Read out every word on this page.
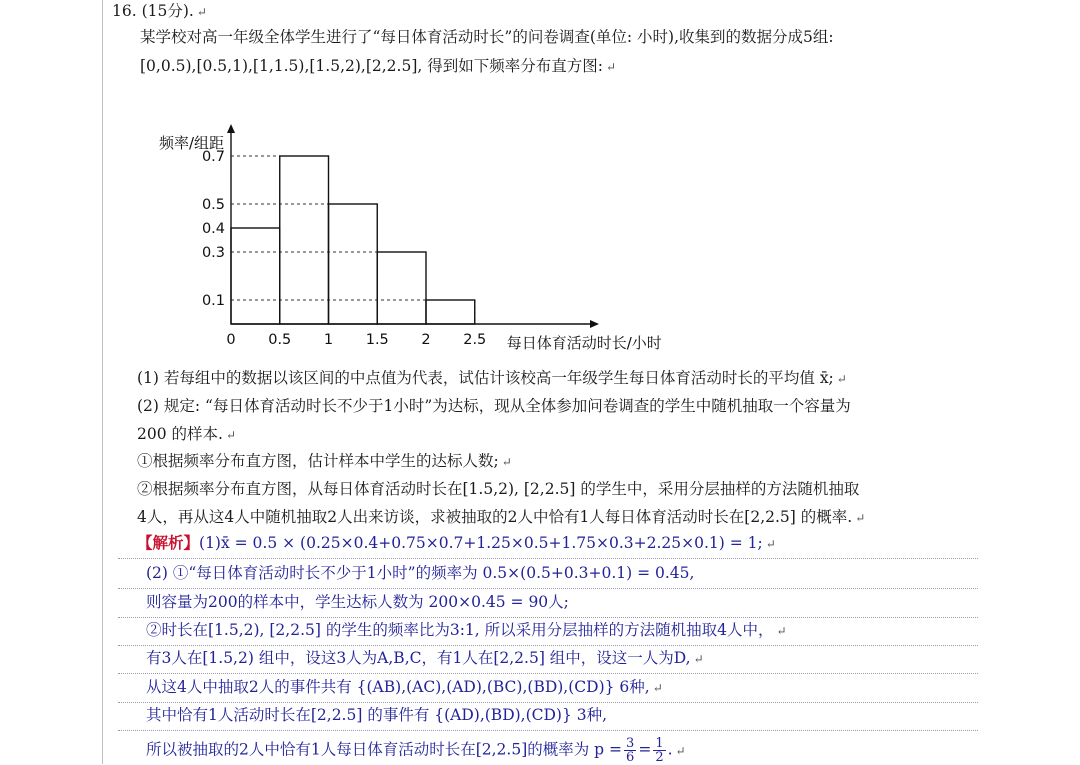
16. (15分). ↵
某学校对高一年级全体学生进行了“每日体育活动时长”的问卷调查(单位: 小时),收集到的数据分成5组:
[0,0.5),[0.5,1),[1,1.5),[1.5,2),[2,2.5], 得到如下频率分布直方图: ↵
频率/组距
每日体育活动时长/小时
0.1
0.3
0.4
0.5
0.7
0 0.5 1 1.5 2 2.5
(1) 若每组中的数据以该区间的中点值为代表，试估计该校高一年级学生每日体育活动时长的平均值 x̄; ↵
(2) 规定: “每日体育活动时长不少于1小时”为达标，现从全体参加问卷调查的学生中随机抽取一个容量为
200 的样本. ↵
①根据频率分布直方图，估计样本中学生的达标人数; ↵
②根据频率分布直方图，从每日体育活动时长在[1.5,2), [2,2.5] 的学生中，采用分层抽样的方法随机抽取
4人，再从这4人中随机抽取2人出来访谈，求被抽取的2人中恰有1人每日体育活动时长在[2,2.5] 的概率. ↵
【解析】(1)x̄ = 0.5 × (0.25×0.4+0.75×0.7+1.25×0.5+1.75×0.3+2.25×0.1) = 1; ↵
(2) ①“每日体育活动时长不少于1小时”的频率为 0.5×(0.5+0.3+0.1) = 0.45,
则容量为200的样本中，学生达标人数为 200×0.45 = 90人;
②时长在[1.5,2), [2,2.5] 的学生的频率比为3:1, 所以采用分层抽样的方法随机抽取4人中， ↵
有3人在[1.5,2) 组中，设这3人为A,B,C，有1人在[2,2.5] 组中，设这一人为D, ↵
从这4人中抽取2人的事件共有 {(AB),(AC),(AD),(BC),(BD),(CD)} 6种, ↵
其中恰有1人活动时长在[2,2.5] 的事件有 {(AD),(BD),(CD)} 3种,
所以被抽取的2人中恰有1人每日体育活动时长在[2,2.5]的概率为 $p = \frac{3}{6} = \frac{1}{2}$ . ↵
